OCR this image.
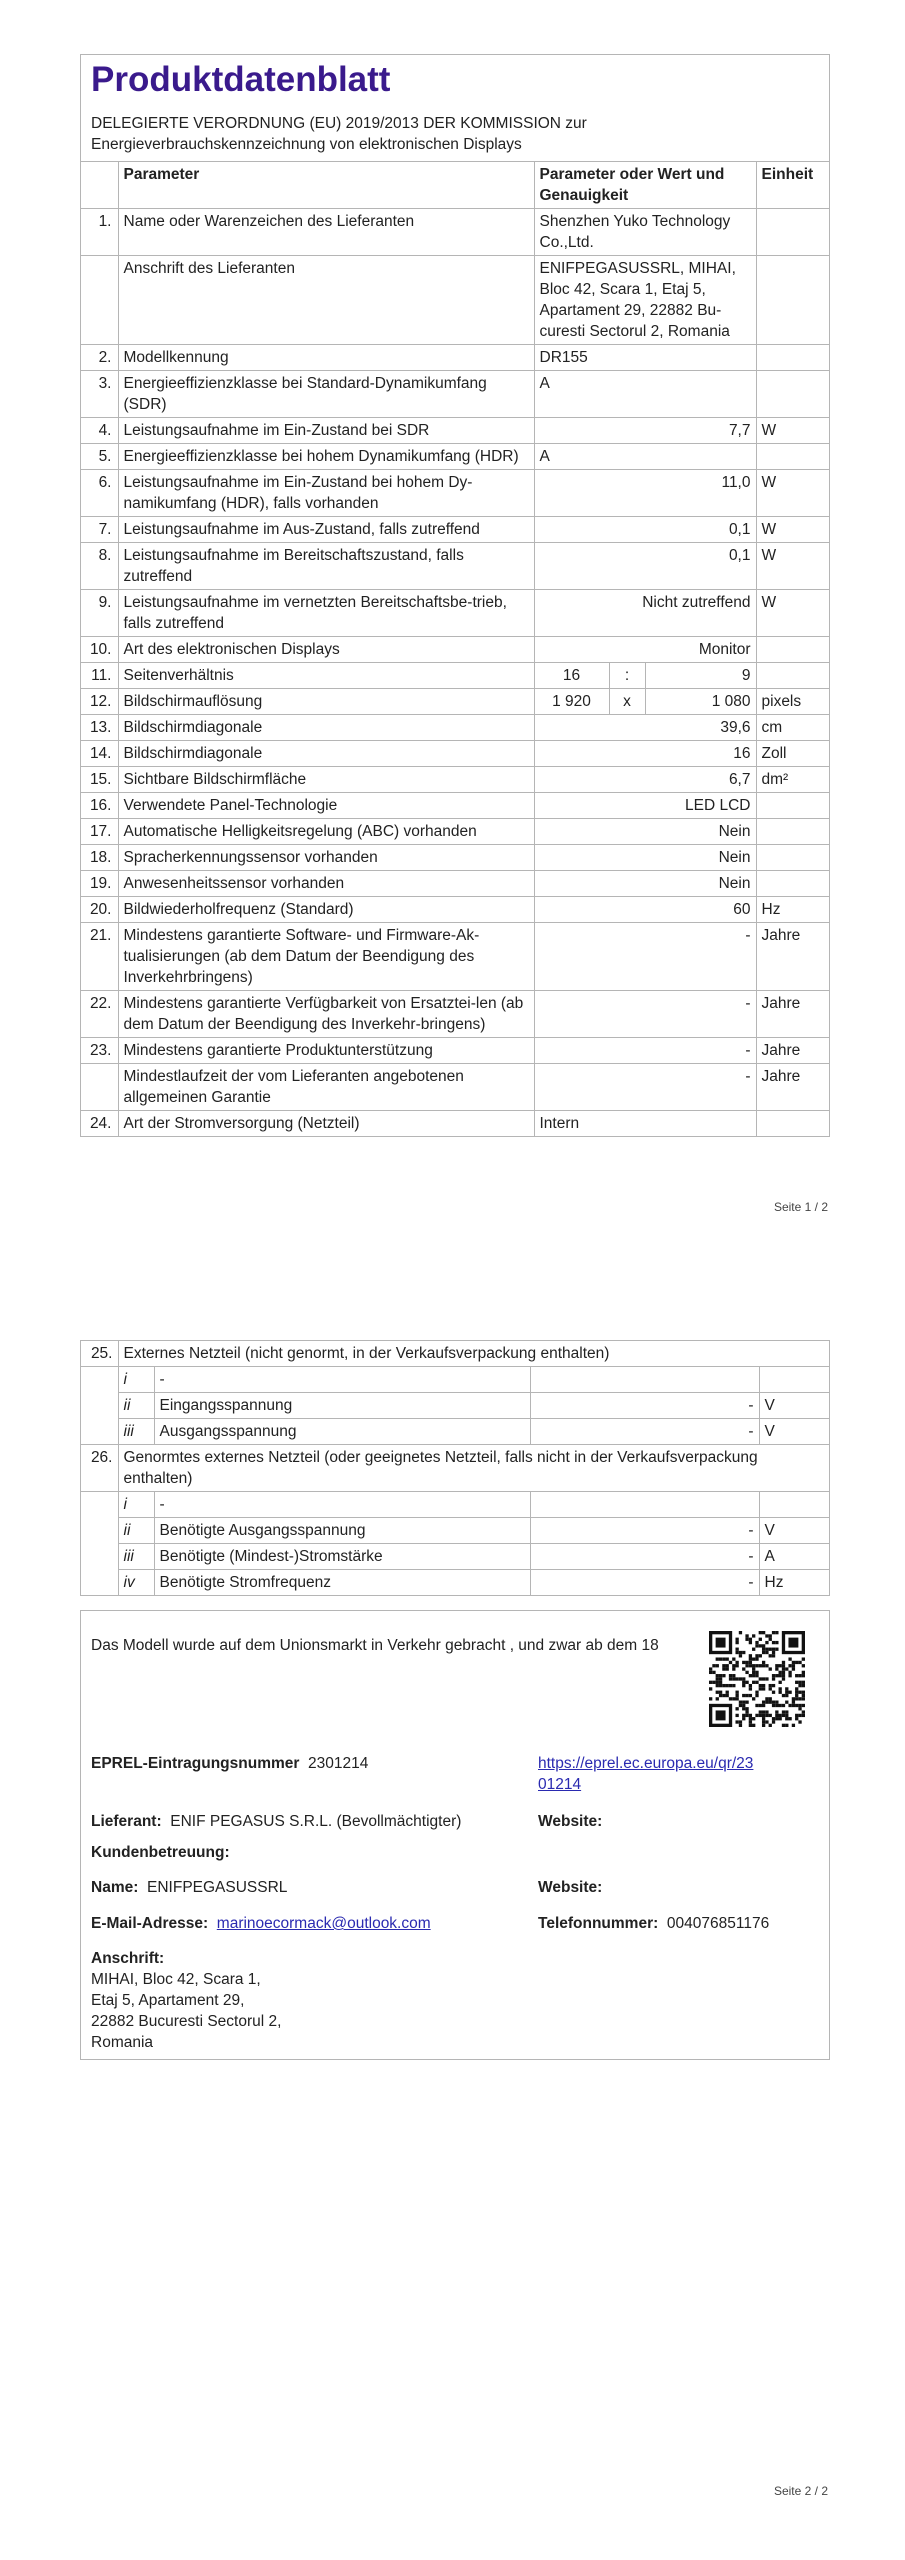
Produktdatenblatt
DELEGIERTE VERORDNUNG (EU) 2019/2013 DER KOMMISSION zur Energieverbrauchskennzeichnung von elektronischen Displays
	Parameter	Parameter oder Wert und Genauigkeit			Einheit
1.	Name oder Warenzeichen des Lieferanten	Shenzhen Yuko Technology Co.,Ltd.			
	Anschrift des Lieferanten	ENIFPEGASUSSRL, MIHAI, Bloc 42, Scara 1, Etaj 5, Apartament 29, 22882 Bu-curesti Sectorul 2, Romania			
2.	Modellkennung	DR155			
3.	Energieeffizienzklasse bei Standard-Dynamikumfang (SDR)	A			
4.	Leistungsaufnahme im Ein-Zustand bei SDR	7,7			W
5.	Energieeffizienzklasse bei hohem Dynamikumfang (HDR)	A			
6.	Leistungsaufnahme im Ein-Zustand bei hohem Dy-namikumfang (HDR), falls vorhanden	11,0			W
7.	Leistungsaufnahme im Aus-Zustand, falls zutreffend	0,1			W
8.	Leistungsaufnahme im Bereitschaftszustand, falls zutreffend	0,1			W
9.	Leistungsaufnahme im vernetzten Bereitschaftsbe-trieb, falls zutreffend	Nicht zutreffend			W
10.	Art des elektronischen Displays	Monitor			
11.	Seitenverhältnis	16	:	9	
12.	Bildschirmauflösung	1 920	x	1 080	pixels
13.	Bildschirmdiagonale	39,6			cm
14.	Bildschirmdiagonale	16			Zoll
15.	Sichtbare Bildschirmfläche	6,7			dm²
16.	Verwendete Panel-Technologie	LED LCD			
17.	Automatische Helligkeitsregelung (ABC) vorhanden	Nein			
18.	Spracherkennungssensor vorhanden	Nein			
19.	Anwesenheitssensor vorhanden	Nein			
20.	Bildwiederholfrequenz (Standard)	60			Hz
21.	Mindestens garantierte Software- und Firmware-Ak-tualisierungen (ab dem Datum der Beendigung des Inverkehrbringens)	-			Jahre
22.	Mindestens garantierte Verfügbarkeit von Ersatztei-len (ab dem Datum der Beendigung des Inverkehr-bringens)	-			Jahre
23.	Mindestens garantierte Produktunterstützung	-			Jahre
	Mindestlaufzeit der vom Lieferanten angebotenen allgemeinen Garantie	-			Jahre
24.	Art der Stromversorgung (Netzteil)	Intern			
Seite 1 / 2
25.	Externes Netzteil (nicht genormt, in der Verkaufsverpackung enthalten)			
	i	-		
	ii	Eingangsspannung	-	V
	iii	Ausgangsspannung	-	V
26.	Genormtes externes Netzteil (oder geeignetes Netzteil, falls nicht in der Verkaufsverpackung enthalten)			
	i	-		
	ii	Benötigte Ausgangsspannung	-	V
	iii	Benötigte (Mindest-)Stromstärke	-	A
	iv	Benötigte Stromfrequenz	-	Hz
Das Modell wurde auf dem Unionsmarkt in Verkehr gebracht , und zwar ab dem 18
EPREL-Eintragungsnummer 2301214	https://eprel.ec.europa.eu/qr/23
01214
Lieferant: ENIF PEGASUS S.R.L. (Bevollmächtigter)	Website:
Kundenbetreuung:
Name: ENIFPEGASUSSRL	Website:
E-Mail-Adresse: marinoecormack@outlook.com	Telefonnummer: 004076851176
Anschrift:
MIHAI, Bloc 42, Scara 1,
Etaj 5, Apartament 29,
22882 Bucuresti Sectorul 2,
Romania
Seite 2 / 2
